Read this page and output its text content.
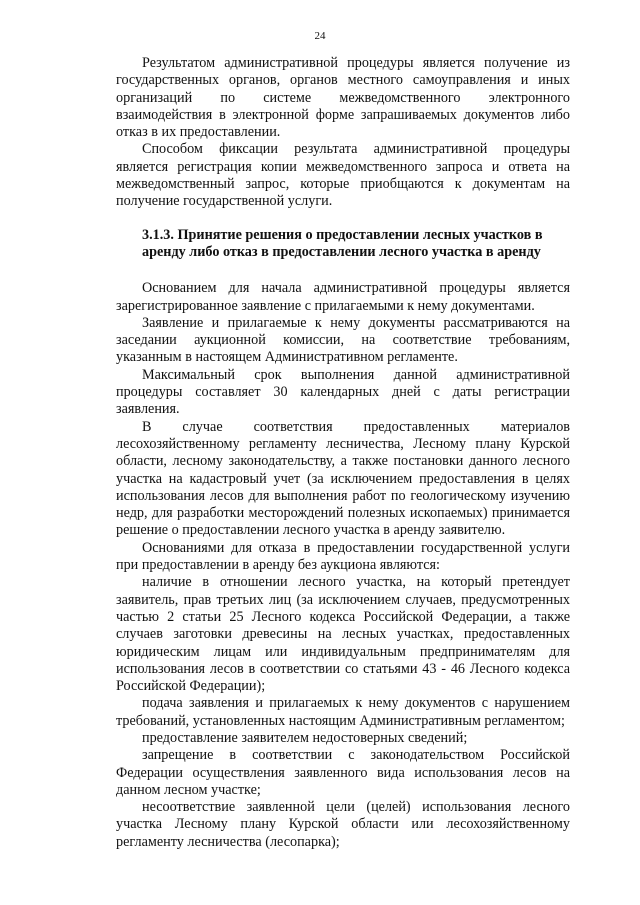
24

Результатом административной процедуры является получение из государственных органов, органов местного самоуправления и иных организаций по системе межведомственного электронного взаимодействия в электронной форме запрашиваемых документов либо отказ в их предоставлении.

Способом фиксации результата административной процедуры является регистрация копии межведомственного запроса и ответа на межведомственный запрос, которые приобщаются к документам на получение государственной услуги.

3.1.3. Принятие решения о предоставлении лесных участков в аренду либо отказ в предоставлении лесного участка в аренду

Основанием для начала административной процедуры является зарегистрированное заявление с прилагаемыми к нему документами.

Заявление и прилагаемые к нему документы рассматриваются на заседании аукционной комиссии, на соответствие требованиям, указанным в настоящем Административном регламенте.

Максимальный срок выполнения данной административной процедуры составляет 30 календарных дней с даты регистрации заявления.

В случае соответствия предоставленных материалов лесохозяйственному регламенту лесничества, Лесному плану Курской области, лесному законодательству, а также постановки данного лесного участка на кадастровый учет (за исключением предоставления в целях использования лесов для выполнения работ по геологическому изучению недр, для разработки месторождений полезных ископаемых) принимается решение о предоставлении лесного участка в аренду заявителю.

Основаниями для отказа в предоставлении государственной услуги при предоставлении в аренду без аукциона являются:

наличие в отношении лесного участка, на который претендует заявитель, прав третьих лиц (за исключением случаев, предусмотренных частью 2 статьи 25 Лесного кодекса Российской Федерации, а также случаев заготовки древесины на лесных участках, предоставленных юридическим лицам или индивидуальным предпринимателям для использования лесов в соответствии со статьями 43 - 46 Лесного кодекса Российской Федерации);

подача заявления и прилагаемых к нему документов с нарушением требований, установленных настоящим Административным регламентом;

предоставление заявителем недостоверных сведений;

запрещение в соответствии с законодательством Российской Федерации осуществления заявленного вида использования лесов на данном лесном участке;

несоответствие заявленной цели (целей) использования лесного участка Лесному плану Курской области или лесохозяйственному регламенту лесничества (лесопарка);
